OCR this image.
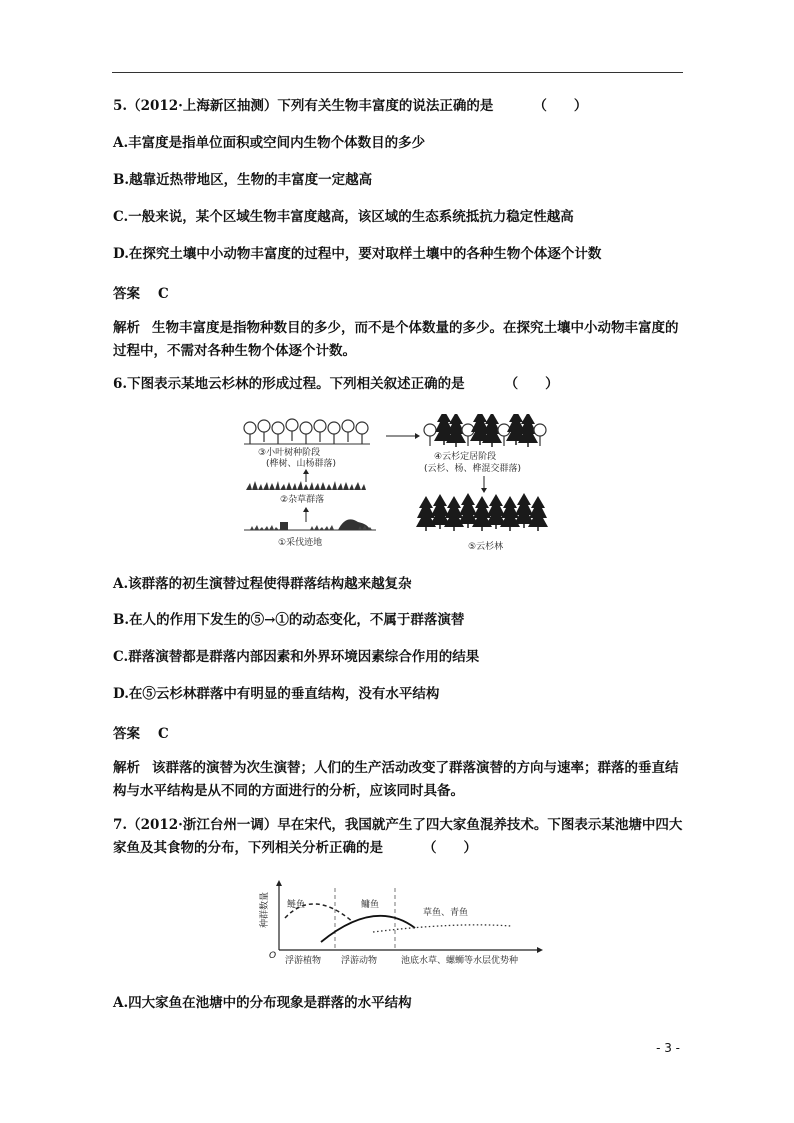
5.（2012·上海新区抽测）下列有关生物丰富度的说法正确的是	（　　）
A.丰富度是指单位面积或空间内生物个体数目的多少
B.越靠近热带地区，生物的丰富度一定越高
C.一般来说，某个区域生物丰富度越高，该区域的生态系统抵抗力稳定性越高
D.在探究土壤中小动物丰富度的过程中，要对取样土壤中的各种生物个体逐个计数
答案 C
解析 生物丰富度是指物种数目的多少，而不是个体数量的多少。在探究土壤中小动物丰富度的过程中，不需对各种生物个体逐个计数。
6.下图表示某地云杉林的形成过程。下列相关叙述正确的是	（　　）
③小叶树种阶段
(桦树、山杨群落)
②杂草群落
①采伐迹地
④云杉定居阶段
(云杉、杨、桦混交群落)
⑤云杉林
A.该群落的初生演替过程使得群落结构越来越复杂
B.在人的作用下发生的⑤→①的动态变化，不属于群落演替
C.群落演替都是群落内部因素和外界环境因素综合作用的结果
D.在⑤云杉林群落中有明显的垂直结构，没有水平结构
答案 C
解析 该群落的演替为次生演替；人们的生产活动改变了群落演替的方向与速率；群落的垂直结构与水平结构是从不同的方面进行的分析，应该同时具备。
7.（2012·浙江台州一调）早在宋代，我国就产生了四大家鱼混养技术。下图表示某池塘中四大家鱼及其食物的分布，下列相关分析正确的是	（　　）
O
种群数量 鲢鱼	鳙鱼
草鱼、青鱼
浮游植物 浮游动物	池底水草、螺蛳等水层优势种
A.四大家鱼在池塘中的分布现象是群落的水平结构
- 3 -
